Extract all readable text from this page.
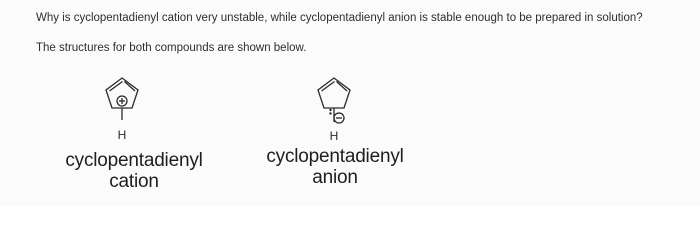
Why is cyclopentadienyl cation very unstable, while cyclopentadienyl anion is stable enough to be prepared in solution?
The structures for both compounds are shown below.
H	H
cyclopentadienyl
cation
cyclopentadienyl
anion
